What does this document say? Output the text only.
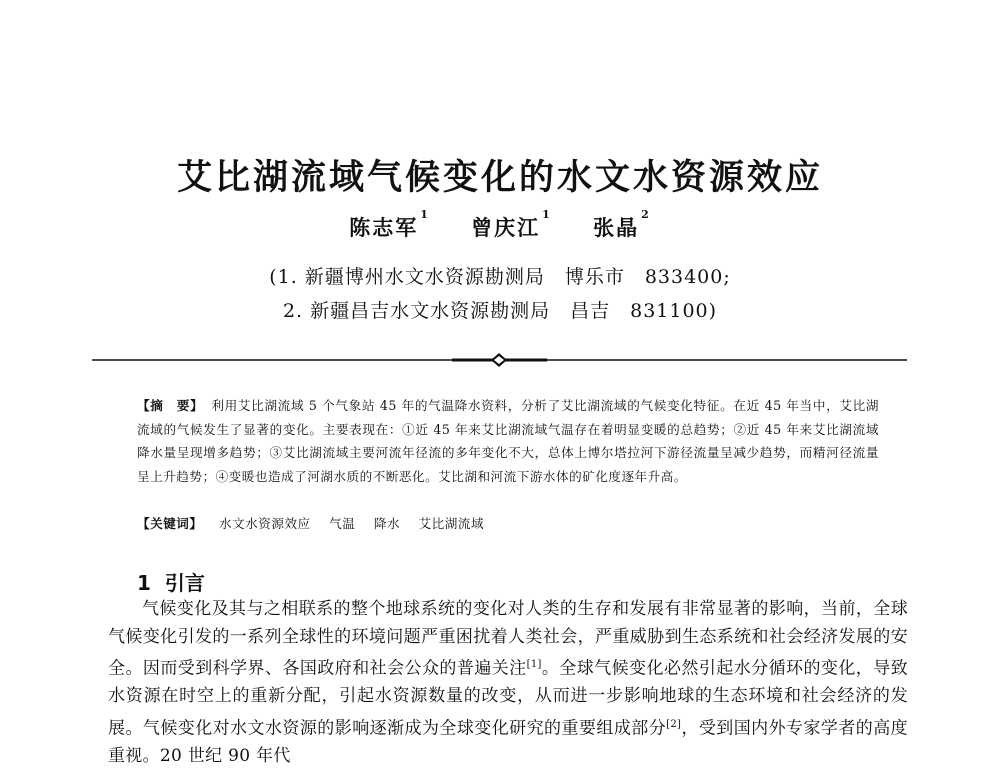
艾比湖流域气候变化的水文水资源效应
陈志军$^1$ 曾庆江$^1$ 张晶$^2$
(1. 新疆博州水文水资源勘测局　博乐市　833400;
2. 新疆昌吉水文水资源勘测局　昌吉　831100)
【摘　要】 利用艾比湖流域 5 个气象站 45 年的气温降水资料，分析了艾比湖流域的气候变化特征。在近 45 年当中，艾比湖流域的气候发生了显著的变化。主要表现在：①近 45 年来艾比湖流域气温存在着明显变暖的总趋势；②近 45 年来艾比湖流域降水量呈现增多趋势；③艾比湖流域主要河流年径流的多年变化不大，总体上博尔塔拉河下游径流量呈减少趋势，而精河径流量呈上升趋势；④变暖也造成了河湖水质的不断恶化。艾比湖和河流下游水体的矿化度逐年升高。
【关键词】 水文水资源效应 气温 降水 艾比湖流域
1 引言

气候变化及其与之相联系的整个地球系统的变化对人类的生存和发展有非常显著的影响，当前，全球气候变化引发的一系列全球性的环境问题严重困扰着人类社会，严重威胁到生态系统和社会经济发展的安全。因而受到科学界、各国政府和社会公众的普遍关注[1]。全球气候变化必然引起水分循环的变化，导致水资源在时空上的重新分配，引起水资源数量的改变，从而进一步影响地球的生态环境和社会经济的发展。气候变化对水文水资源的影响逐渐成为全球变化研究的重要组成部分[2]，受到国内外专家学者的高度重视。20 世纪 90 年代
